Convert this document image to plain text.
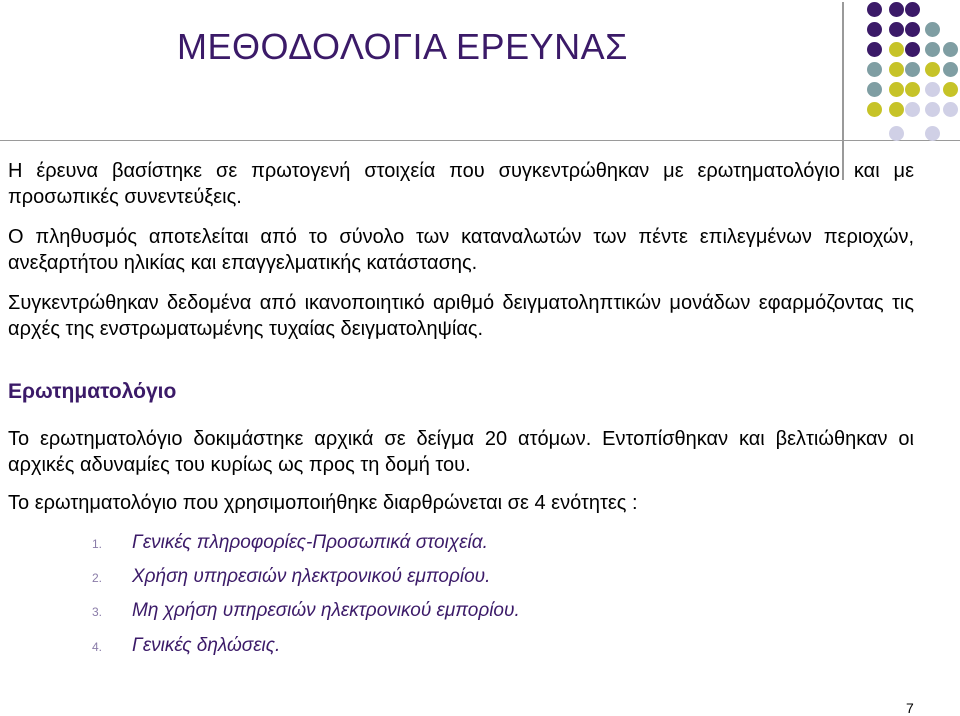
ΜΕΘΟΔΟΛΟΓΙΑ ΕΡΕΥΝΑΣ
Η έρευνα βασίστηκε σε πρωτογενή στοιχεία που συγκεντρώθηκαν με ερωτηματολόγιο και με προσωπικές συνεντεύξεις.
Ο πληθυσμός αποτελείται από το σύνολο των καταναλωτών των πέντε επιλεγμένων περιοχών, ανεξαρτήτου ηλικίας και επαγγελματικής κατάστασης.
Συγκεντρώθηκαν δεδομένα από ικανοποιητικό αριθμό δειγματοληπτικών μονάδων εφαρμόζοντας τις αρχές της ενστρωματωμένης τυχαίας δειγματοληψίας.
Ερωτηματολόγιο
Το ερωτηματολόγιο δοκιμάστηκε αρχικά σε δείγμα 20 ατόμων. Εντοπίσθηκαν και βελτιώθηκαν οι αρχικές αδυναμίες του κυρίως ως προς τη δομή του.
Το ερωτηματολόγιο που χρησιμοποιήθηκε διαρθρώνεται σε 4 ενότητες :
1. Γενικές πληροφορίες-Προσωπικά στοιχεία.
2. Χρήση υπηρεσιών ηλεκτρονικού εμπορίου.
3. Μη χρήση υπηρεσιών ηλεκτρονικού εμπορίου.
4. Γενικές δηλώσεις.
7
